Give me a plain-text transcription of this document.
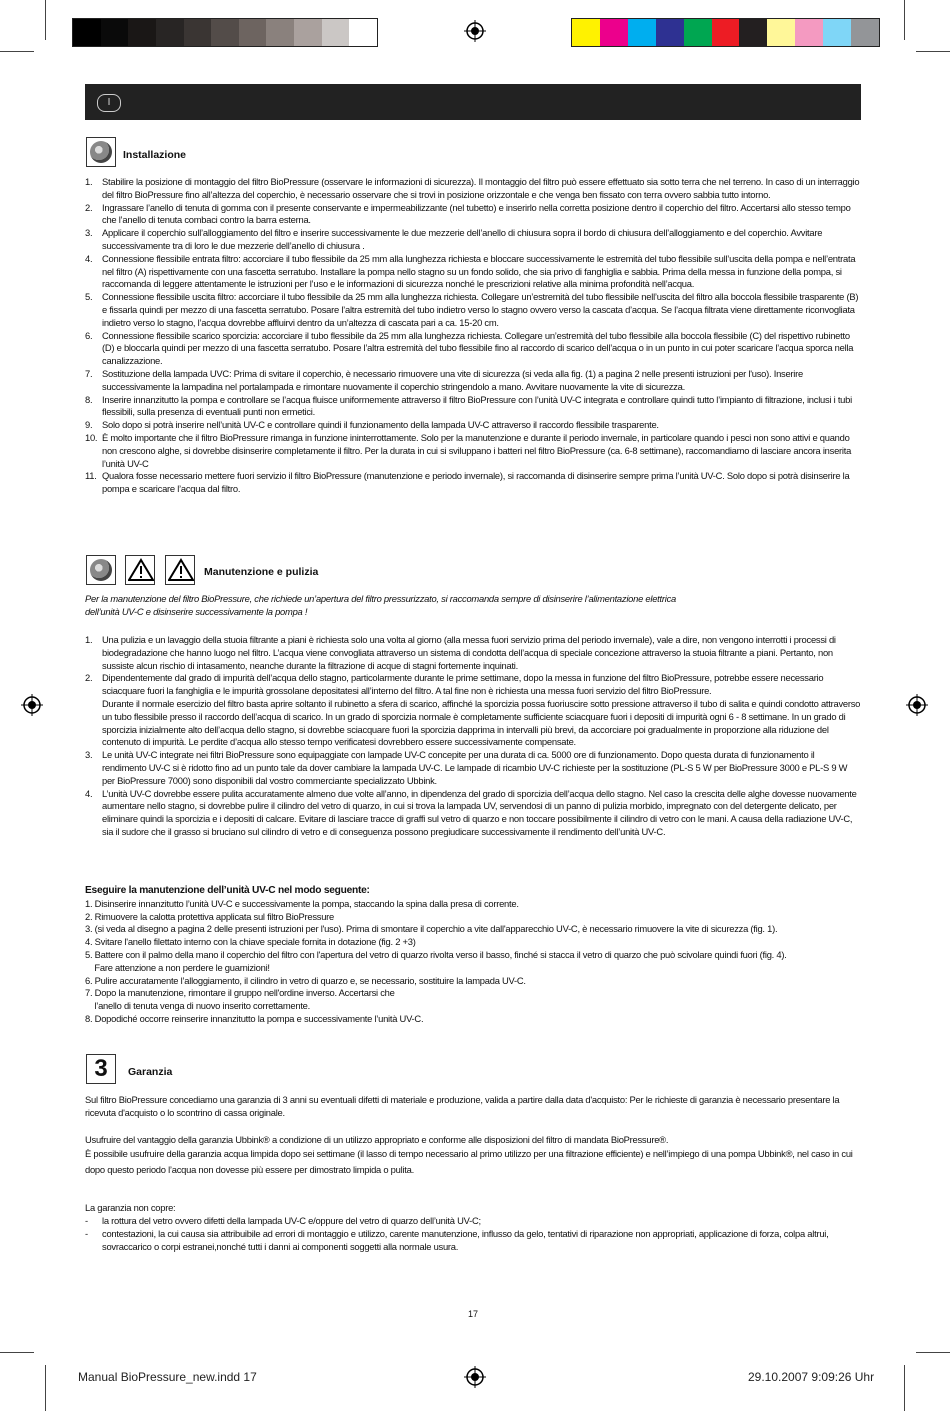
I
Installazione
1. Stabilire la posizione di montaggio del filtro BioPressure (osservare le informazioni di sicurezza). Il montaggio del filtro può essere effettuato sia sotto terra che nel terreno. In caso di un interraggio del filtro BioPressure fino all’altezza del coperchio, è necessario osservare che si trovi in posizione orizzontale e che venga ben fissato con terra ovvero sabbia tutto intorno.
2. Ingrassare l’anello di tenuta di gomma con il presente conservante e impermeabilizzante (nel tubetto) e inserirlo nella corretta posizione dentro il coperchio del filtro. Accertarsi allo stesso tempo che l’anello di tenuta combaci contro la barra esterna.
3. Applicare il coperchio sull’alloggiamento del filtro e inserire successivamente le due mezzerie dell’anello di chiusura sopra il bordo di chiusura dell’alloggiamento e del coperchio. Avvitare successivamente tra di loro le due mezzerie dell’anello di chiusura .
4. Connessione flessibile entrata filtro: accorciare il tubo flessibile da 25 mm alla lunghezza richiesta e bloccare successivamente le estremità del tubo flessibile sull’uscita della pompa e nell’entrata nel filtro (A) rispettivamente con una fascetta serratubo. Installare la pompa nello stagno su un fondo solido, che sia privo di fanghiglia e sabbia. Prima della messa in funzione della pompa, si raccomanda di leggere attentamente le istruzioni per l’uso e le informazioni di sicurezza nonché le prescrizioni relative alla minima profondità nell’acqua.
5. Connessione flessibile uscita filtro: accorciare il tubo flessibile da 25 mm alla lunghezza richiesta. Collegare un’estremità del tubo flessibile nell’uscita del filtro alla boccola flessibile trasparente (B) e fissarla quindi per mezzo di una fascetta serratubo. Posare l’altra estremità del tubo indietro verso lo stagno ovvero verso la cascata d’acqua. Se l’acqua filtrata viene direttamente riconvogliata indietro verso lo stagno, l’acqua dovrebbe affluirvi dentro da un’altezza di cascata pari a ca. 15-20 cm.
6. Connessione flessibile scarico sporcizia: accorciare il tubo flessibile da 25 mm alla lunghezza richiesta. Collegare un’estremità del tubo flessibile alla boccola flessibile (C) del rispettivo rubinetto (D) e bloccarla quindi per mezzo di una fascetta serratubo. Posare l’altra estremità del tubo flessibile fino al raccordo di scarico dell’acqua o in un punto in cui poter scaricare l’acqua sporca nella canalizzazione.
7. Sostituzione della lampada UVC: Prima di svitare il coperchio, è necessario rimuovere una vite di sicurezza (si veda alla fig. (1) a pagina 2 nelle presenti istruzioni per l'uso). Inserire successivamente la lampadina nel portalampada e rimontare nuovamente il coperchio stringendolo a mano. Avvitare nuovamente la vite di sicurezza.
8. Inserire innanzitutto la pompa e controllare se l’acqua fluisce uniformemente attraverso il filtro BioPressure con l’unità UV-C integrata e controllare quindi tutto l’impianto di filtrazione, inclusi i tubi flessibili, sulla presenza di eventuali punti non ermetici.
9. Solo dopo si potrà inserire nell’unità UV-C e controllare quindi il funzionamento della lampada UV-C attraverso il raccordo flessibile trasparente.
10. È molto importante che il filtro BioPressure rimanga in funzione ininterrottamente. Solo per la manutenzione e durante il periodo invernale, in particolare quando i pesci non sono attivi e quando non crescono alghe, si dovrebbe disinserire completamente il filtro. Per la durata in cui si sviluppano i batteri nel filtro BioPressure (ca. 6-8 settimane), raccomandiamo di lasciare ancora inserita l’unità UV-C
11. Qualora fosse necessario mettere fuori servizio il filtro BioPressure (manutenzione e periodo invernale), si raccomanda di disinserire sempre prima l’unità UV-C. Solo dopo si potrà disinserire la pompa e scaricare l’acqua dal filtro.
Manutenzione e pulizia
Per la manutenzione del filtro BioPressure, che richiede un’apertura del filtro pressurizzato, si raccomanda sempre di disinserire l’alimentazione elettrica
dell’unità UV-C e disinserire successivamente la pompa !
1. Una pulizia e un lavaggio della stuoia filtrante a piani è richiesta solo una volta al giorno (alla messa fuori servizio prima del periodo invernale), vale a dire, non vengono interrotti i processi di biodegradazione che hanno luogo nel filtro. L’acqua viene convogliata attraverso un sistema di condotta dell’acqua di speciale concezione attraverso la stuoia filtrante a piani. Pertanto, non sussiste alcun rischio di intasamento, neanche durante la filtrazione di acque di stagni fortemente inquinati.
2. Dipendentemente dal grado di impurità dell’acqua dello stagno, particolarmente durante le prime settimane, dopo la messa in funzione del filtro BioPressure, potrebbe essere necessario sciacquare fuori la fanghiglia e le impurità grossolane depositatesi all’interno del filtro. A tal fine non è richiesta una messa fuori servizio del filtro BioPressure.
Durante il normale esercizio del filtro basta aprire soltanto il rubinetto a sfera di scarico, affinché la sporcizia possa fuoriuscire sotto pressione attraverso il tubo di salita e quindi condotto attraverso un tubo flessibile presso il raccordo dell’acqua di scarico. In un grado di sporcizia normale è completamente sufficiente sciacquare fuori i depositi di impurità ogni 6 - 8 settimane. In un grado di sporcizia inizialmente alto dell’acqua dello stagno, si dovrebbe sciacquare fuori la sporcizia dapprima in intervalli più brevi, da accorciare poi gradualmente in proporzione alla riduzione del contenuto di impurità. Le perdite d’acqua allo stesso tempo verificatesi dovrebbero essere successivamente compensate.
3. Le unità UV-C integrate nei filtri BioPressure sono equipaggiate con lampade UV-C concepite per una durata di ca. 5000 ore di funzionamento. Dopo questa durata di funzionamento il rendimento UV-C si è ridotto fino ad un punto tale da dover cambiare la lampada UV-C. Le lampade di ricambio UV-C richieste per la sostituzione (PL-S 5 W per BioPressure 3000 e PL-S 9 W per BioPressure 7000) sono disponibili dal vostro commerciante specializzato Ubbink.
4. L’unità UV-C dovrebbe essere pulita accuratamente almeno due volte all’anno, in dipendenza del grado di sporcizia dell’acqua dello stagno. Nel caso la crescita delle alghe dovesse nuovamente aumentare nello stagno, si dovrebbe pulire il cilindro del vetro di quarzo, in cui si trova la lampada UV, servendosi di un panno di pulizia morbido, impregnato con del detergente delicato, per eliminare quindi la sporcizia e i depositi di calcare. Evitare di lasciare tracce di graffi sul vetro di quarzo e non toccare possibilmente il cilindro di vetro con le mani. A causa della radiazione UV-C, sia il sudore che il grasso si bruciano sul cilindro di vetro e di conseguenza possono pregiudicare successivamente il rendimento dell’unità UV-C.
Eseguire la manutenzione dell’unità UV-C nel modo seguente:
1. Disinserire innanzitutto l’unità UV-C e successivamente la pompa, staccando la spina dalla presa di corrente.
2. Rimuovere la calotta protettiva applicata sul filtro BioPressure
3. (si veda al disegno a pagina 2 delle presenti istruzioni per l'uso). Prima di smontare il coperchio a vite dall'apparecchio UV-C, è necessario rimuovere la vite di sicurezza (fig. 1).
4. Svitare l'anello filettato interno con la chiave speciale fornita in dotazione (fig. 2 +3)
5. Battere con il palmo della mano il coperchio del filtro con l'apertura del vetro di quarzo rivolta verso il basso, finché si stacca il vetro di quarzo che può scivolare quindi fuori (fig. 4).
Fare attenzione a non perdere le guarnizioni!
6. Pulire accuratamente l’alloggiamento, il cilindro in vetro di quarzo e, se necessario, sostituire la lampada UV-C.
7. Dopo la manutenzione, rimontare il gruppo nell'ordine inverso. Accertarsi che
l’anello di tenuta venga di nuovo inserito correttamente.
8. Dopodiché occorre reinserire innanzitutto la pompa e successivamente l’unità UV-C.
3	Garanzia

Sul filtro BioPressure concediamo una garanzia di 3 anni su eventuali difetti di materiale e produzione, valida a partire dalla data d'acquisto: Per le richieste di garanzia è necessario presentare la ricevuta d'acquisto o lo scontrino di cassa originale.

Usufruire del vantaggio della garanzia Ubbink® a condizione di un utilizzo appropriato e conforme alle disposizioni del filtro di mandata BioPressure®.

È possibile usufruire della garanzia acqua limpida dopo sei settimane (il lasso di tempo necessario al primo utilizzo per una filtrazione efficiente) e nell’impiego di una pompa Ubbink®, nel caso in cui dopo questo periodo l’acqua non dovesse più essere per dimostrato limpida o pulita.

La garanzia non copre:

- la rottura del vetro ovvero difetti della lampada UV-C e/oppure del vetro di quarzo dell’unità UV-C;
- contestazioni, la cui causa sia attribuibile ad errori di montaggio e utilizzo, carente manutenzione, influsso da gelo, tentativi di riparazione non appropriati, applicazione di forza, colpa altrui, sovraccarico o corpi estranei,nonché tutti i danni ai componenti soggetti alla normale usura.
17
Manual BioPressure_new.indd 17	29.10.2007 9:09:26 Uhr
